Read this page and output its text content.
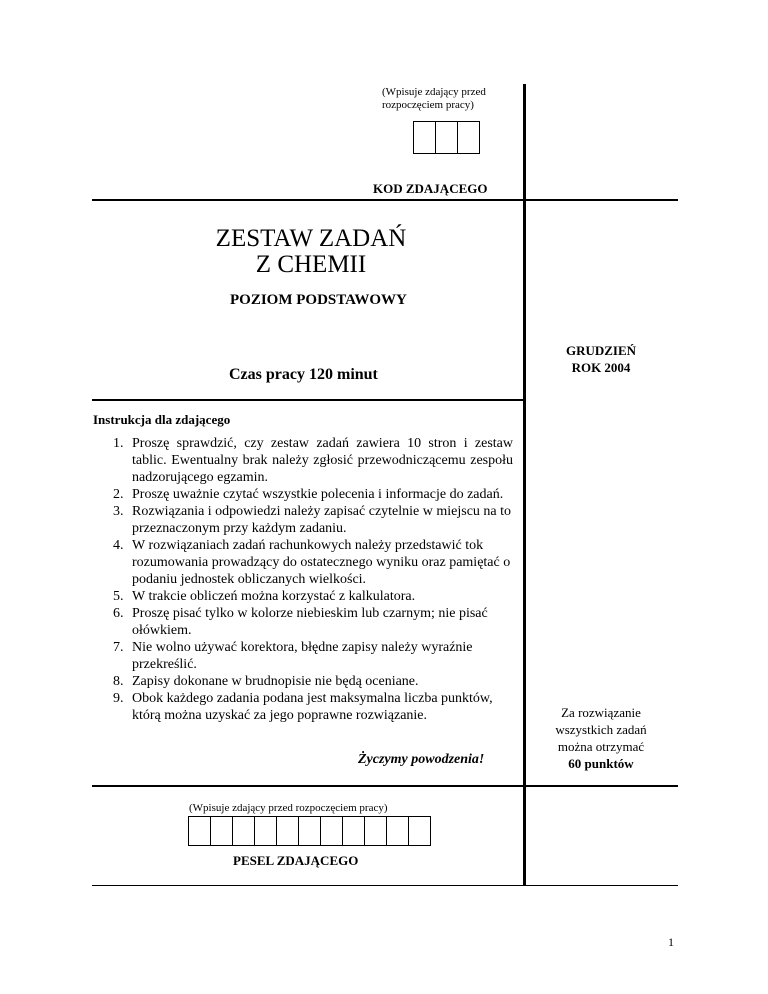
(Wpisuje zdający przed
rozpoczęciem pracy)
KOD ZDAJĄCEGO
ZESTAW ZADAŃ
Z CHEMII
POZIOM PODSTAWOWY
Czas pracy 120 minut
GRUDZIEŃ
ROK 2004
Instrukcja dla zdającego
1. Proszę sprawdzić, czy zestaw zadań zawiera 10 stron i zestaw tablic. Ewentualny brak należy zgłosić przewodniczącemu zespołu nadzorującego egzamin.
2. Proszę uważnie czytać wszystkie polecenia i informacje do zadań.
3. Rozwiązania i odpowiedzi należy zapisać czytelnie w miejscu na to przeznaczonym przy każdym zadaniu.
4. W rozwiązaniach zadań rachunkowych należy przedstawić tok rozumowania prowadzący do ostatecznego wyniku oraz pamiętać o podaniu jednostek obliczanych wielkości.
5. W trakcie obliczeń można korzystać z kalkulatora.
6. Proszę pisać tylko w kolorze niebieskim lub czarnym; nie pisać ołówkiem.
7. Nie wolno używać korektora, błędne zapisy należy wyraźnie przekreślić.
8. Zapisy dokonane w brudnopisie nie będą oceniane.
9. Obok każdego zadania podana jest maksymalna liczba punktów, którą można uzyskać za jego poprawne rozwiązanie.
Życzymy powodzenia!
Za rozwiązanie
wszystkich zadań
można otrzymać
60 punktów
(Wpisuje zdający przed rozpoczęciem pracy)
PESEL ZDAJĄCEGO
1
